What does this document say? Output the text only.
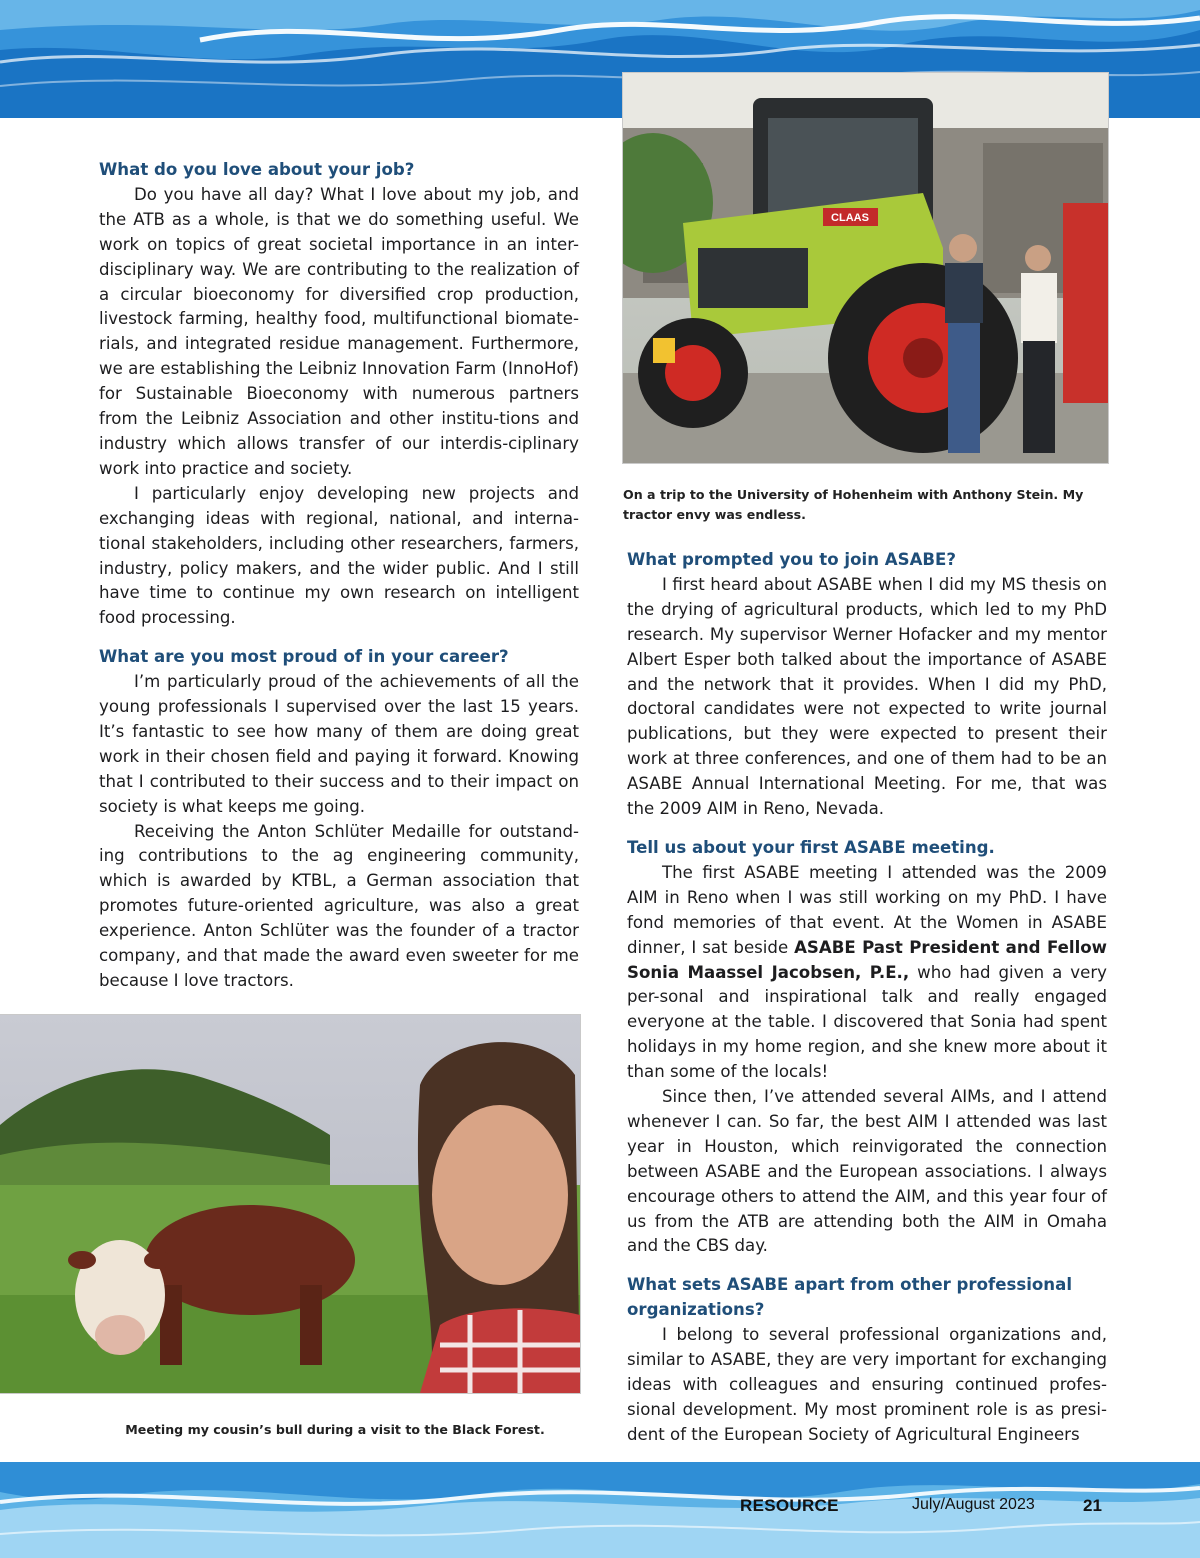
What do you love about your job?

Do you have all day? What I love about my job, and the ATB as a whole, is that we do something useful. We work on topics of great societal importance in an inter-disciplinary way. We are contributing to the realization of a circular bioeconomy for diversified crop production, livestock farming, healthy food, multifunctional biomate-rials, and integrated residue management. Furthermore, we are establishing the Leibniz Innovation Farm (InnoHof) for Sustainable Bioeconomy with numerous partners from the Leibniz Association and other institu-tions and industry which allows transfer of our interdis-ciplinary work into practice and society.

I particularly enjoy developing new projects and exchanging ideas with regional, national, and interna-tional stakeholders, including other researchers, farmers, industry, policy makers, and the wider public. And I still have time to continue my own research on intelligent food processing.

What are you most proud of in your career?

I’m particularly proud of the achievements of all the young professionals I supervised over the last 15 years. It’s fantastic to see how many of them are doing great work in their chosen field and paying it forward. Knowing that I contributed to their success and to their impact on society is what keeps me going.

Receiving the Anton Schlüter Medaille for outstand-ing contributions to the ag engineering community, which is awarded by KTBL, a German association that promotes future-oriented agriculture, was also a great experience. Anton Schlüter was the founder of a tractor company, and that made the award even sweeter for me because I love tractors.

CLAAS
On a trip to the University of Hohenheim with Anthony Stein. My tractor envy was endless.
What prompted you to join ASABE?

I first heard about ASABE when I did my MS thesis on the drying of agricultural products, which led to my PhD research. My supervisor Werner Hofacker and my mentor Albert Esper both talked about the importance of ASABE and the network that it provides. When I did my PhD, doctoral candidates were not expected to write journal publications, but they were expected to present their work at three conferences, and one of them had to be an ASABE Annual International Meeting. For me, that was the 2009 AIM in Reno, Nevada.

Tell us about your first ASABE meeting.

The first ASABE meeting I attended was the 2009 AIM in Reno when I was still working on my PhD. I have fond memories of that event. At the Women in ASABE dinner, I sat beside ASABE Past President and Fellow Sonia Maassel Jacobsen, P.E., who had given a very per-sonal and inspirational talk and really engaged everyone at the table. I discovered that Sonia had spent holidays in my home region, and she knew more about it than some of the locals!

Since then, I’ve attended several AIMs, and I attend whenever I can. So far, the best AIM I attended was last year in Houston, which reinvigorated the connection between ASABE and the European associations. I always encourage others to attend the AIM, and this year four of us from the ATB are attending both the AIM in Omaha and the CBS day.

What sets ASABE apart from other professional organizations?

I belong to several professional organizations and, similar to ASABE, they are very important for exchanging ideas with colleagues and ensuring continued profes-sional development. My most prominent role is as presi-dent of the European Society of Agricultural Engineers

Meeting my cousin’s bull during a visit to the Black Forest.
RESOURCE	July/August 2023	21
